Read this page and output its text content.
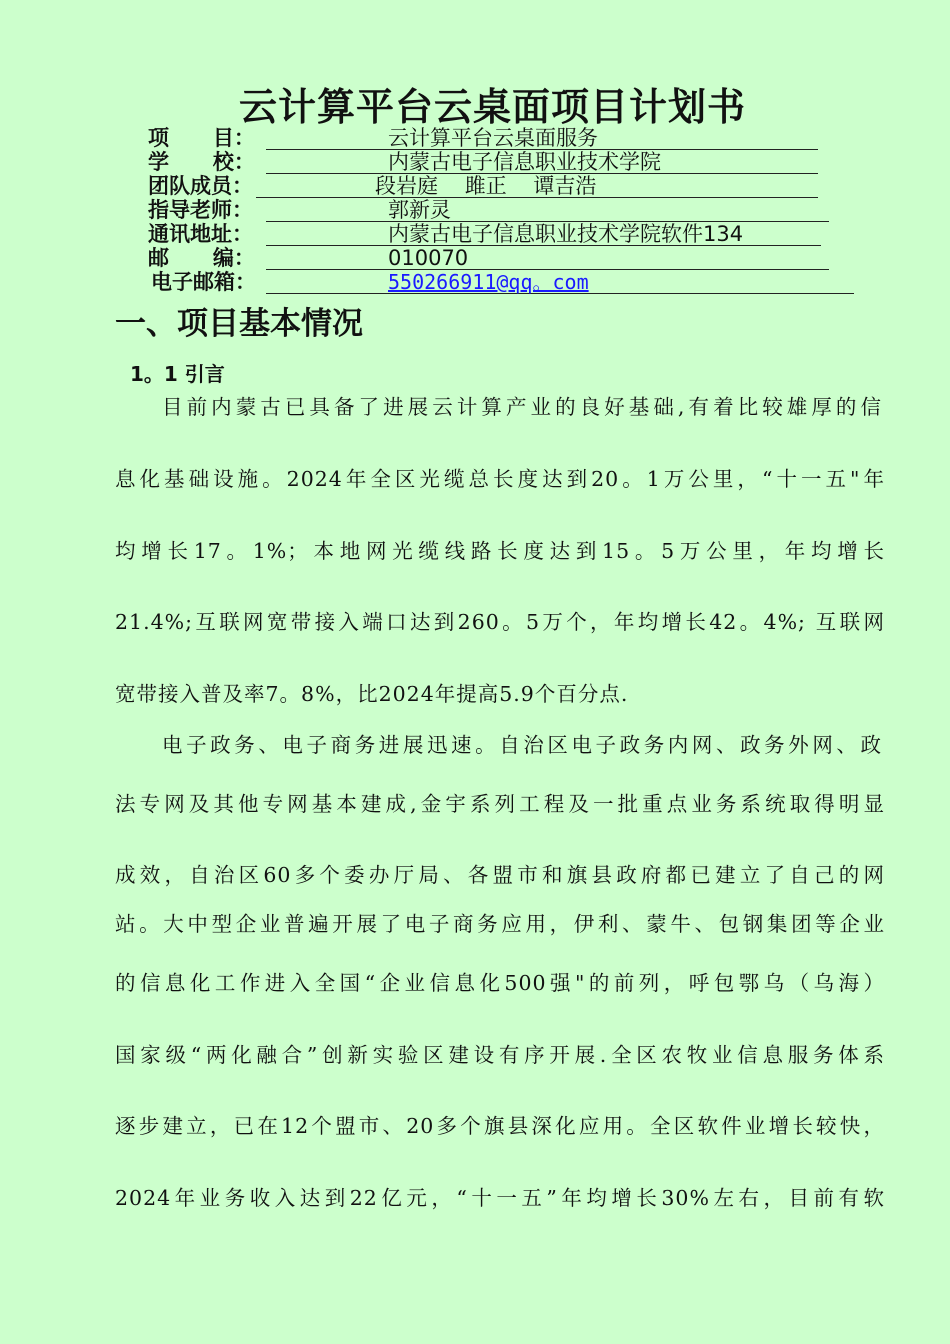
云计算平台云桌面项目计划书
项      目：	云计算平台云桌面服务
学      校：	内蒙古电子信息职业技术学院
团队成员：	段岩庭    雎正    谭吉浩
指导老师：	郭新灵
通讯地址：	内蒙古电子信息职业技术学院软件134
邮      编：	010070
电子邮箱：	550266911@qq。com
一、项目基本情况
1。1 引言
目前内蒙古已具备了进展云计算产业的良好基础,有着比较雄厚的信
息化基础设施。2024年全区光缆总长度达到20。1万公里，“十一五"年
均增长17。1%；本地网光缆线路长度达到15。5万公里，年均增长
21.4%;互联网宽带接入端口达到260。5万个，年均增长42。4%; 互联网
宽带接入普及率7。8%，比2024年提高5.9个百分点.
电子政务、电子商务进展迅速。自治区电子政务内网、政务外网、政
法专网及其他专网基本建成,金宇系列工程及一批重点业务系统取得明显
成效，自治区60多个委办厅局、各盟市和旗县政府都已建立了自己的网
站。大中型企业普遍开展了电子商务应用，伊利、蒙牛、包钢集团等企业
的信息化工作进入全国“企业信息化500强"的前列，呼包鄂乌（乌海）
国家级“两化融合”创新实验区建设有序开展.全区农牧业信息服务体系
逐步建立，已在12个盟市、20多个旗县深化应用。全区软件业增长较快，
2024年业务收入达到22亿元，“十一五”年均增长30%左右，目前有软
